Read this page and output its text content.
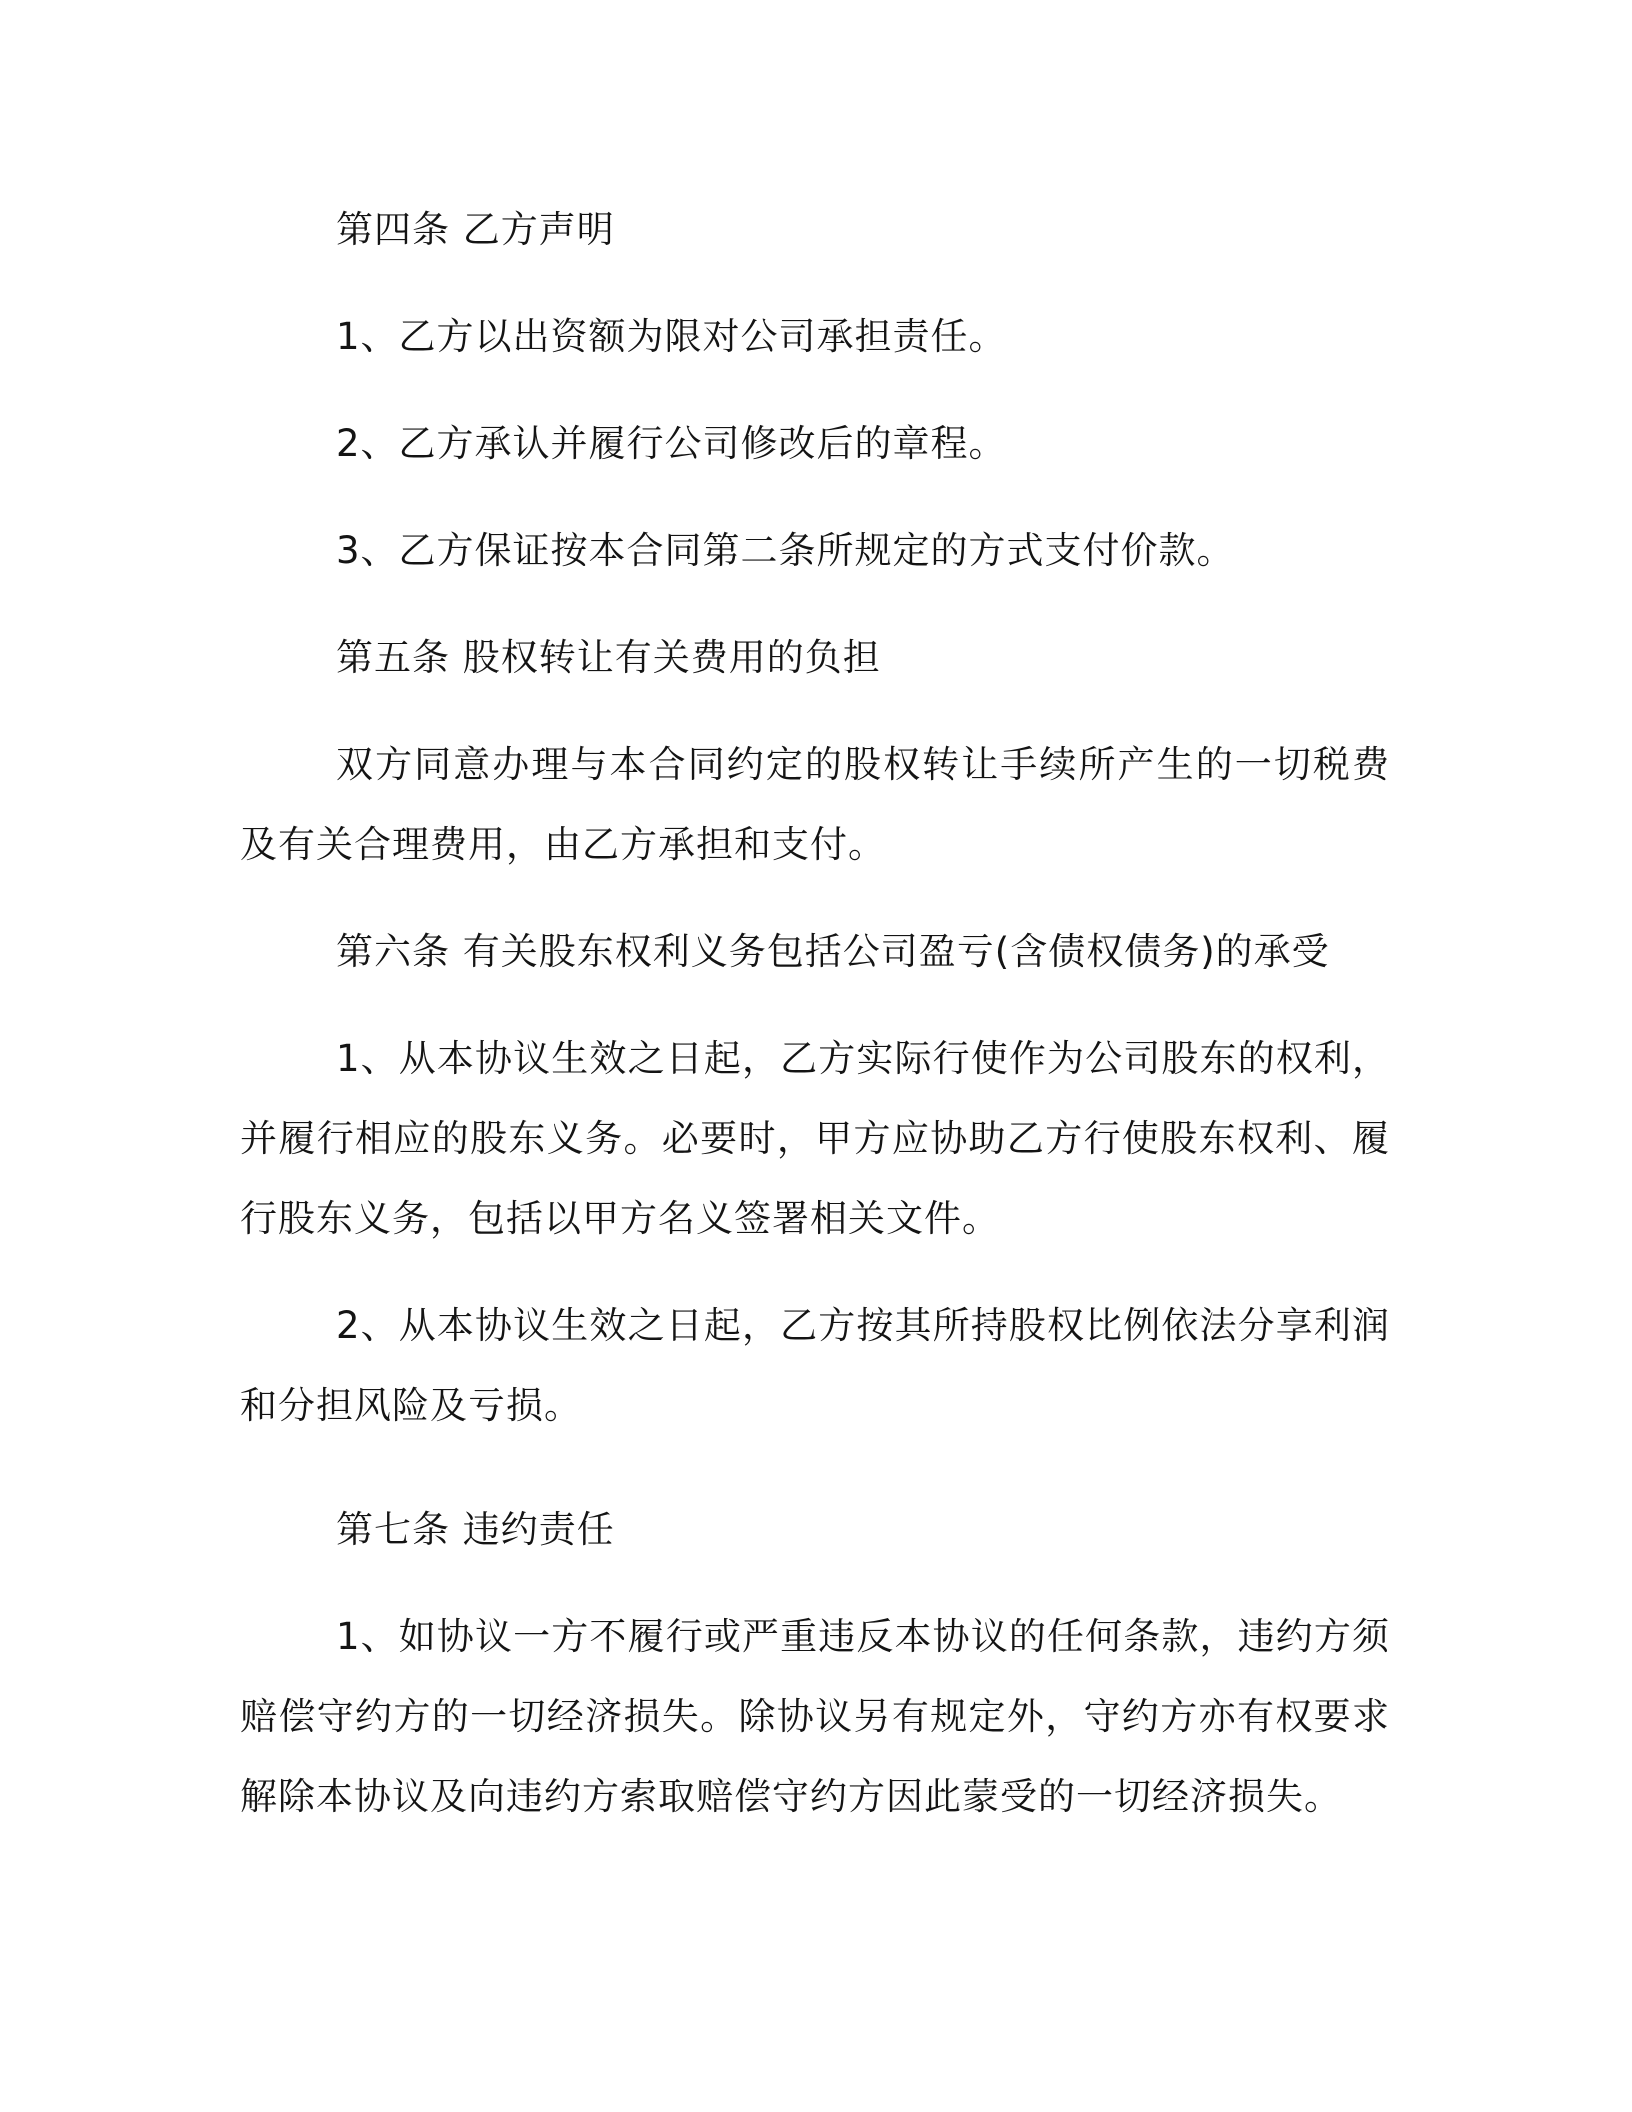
第四条 乙方声明

1、乙方以出资额为限对公司承担责任。

2、乙方承认并履行公司修改后的章程。

3、乙方保证按本合同第二条所规定的方式支付价款。

第五条 股权转让有关费用的负担

双方同意办理与本合同约定的股权转让手续所产生的一切税费及有关合理费用，由乙方承担和支付。

第六条 有关股东权利义务包括公司盈亏(含债权债务)的承受

1、从本协议生效之日起，乙方实际行使作为公司股东的权利，并履行相应的股东义务。必要时，甲方应协助乙方行使股东权利、履行股东义务，包括以甲方名义签署相关文件。

2、从本协议生效之日起，乙方按其所持股权比例依法分享利润和分担风险及亏损。

第七条 违约责任

1、如协议一方不履行或严重违反本协议的任何条款，违约方须赔偿守约方的一切经济损失。除协议另有规定外，守约方亦有权要求解除本协议及向违约方索取赔偿守约方因此蒙受的一切经济损失。
